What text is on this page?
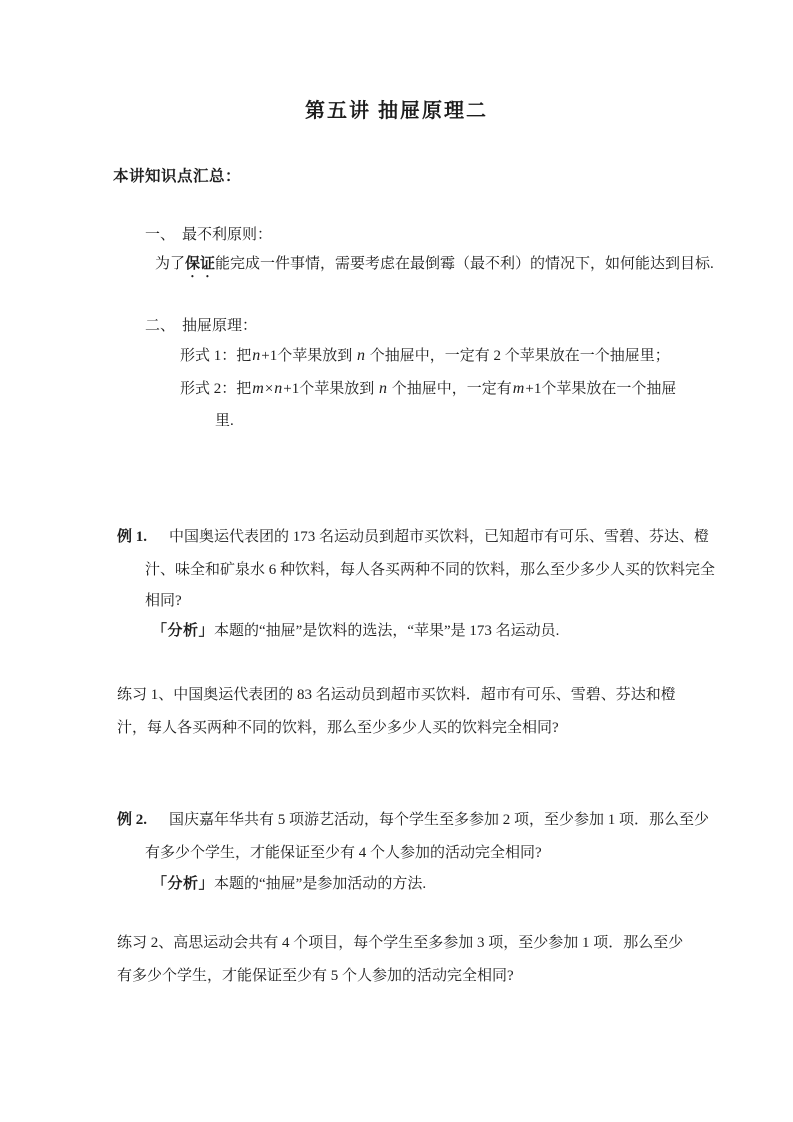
第五讲 抽屉原理二
本讲知识点汇总：
一、 最不利原则：
为了保证能完成一件事情，需要考虑在最倒霉（最不利）的情况下，如何能达到目标.
二、 抽屉原理：
形式 1：把n+1个苹果放到 n 个抽屉中，一定有 2 个苹果放在一个抽屉里；
形式 2：把m×n+1个苹果放到 n 个抽屉中，一定有m+1个苹果放在一个抽屉
里.
例 1. 中国奥运代表团的 173 名运动员到超市买饮料，已知超市有可乐、雪碧、芬达、橙
汁、味全和矿泉水 6 种饮料，每人各买两种不同的饮料，那么至少多少人买的饮料完全
相同?
「分析」本题的“抽屉”是饮料的选法，“苹果”是 173 名运动员.
练习 1、中国奥运代表团的 83 名运动员到超市买饮料．超市有可乐、雪碧、芬达和橙
汁，每人各买两种不同的饮料，那么至少多少人买的饮料完全相同?
例 2. 国庆嘉年华共有 5 项游艺活动，每个学生至多参加 2 项，至少参加 1 项．那么至少
有多少个学生，才能保证至少有 4 个人参加的活动完全相同?
「分析」本题的“抽屉”是参加活动的方法.
练习 2、高思运动会共有 4 个项目，每个学生至多参加 3 项，至少参加 1 项．那么至少
有多少个学生，才能保证至少有 5 个人参加的活动完全相同?
